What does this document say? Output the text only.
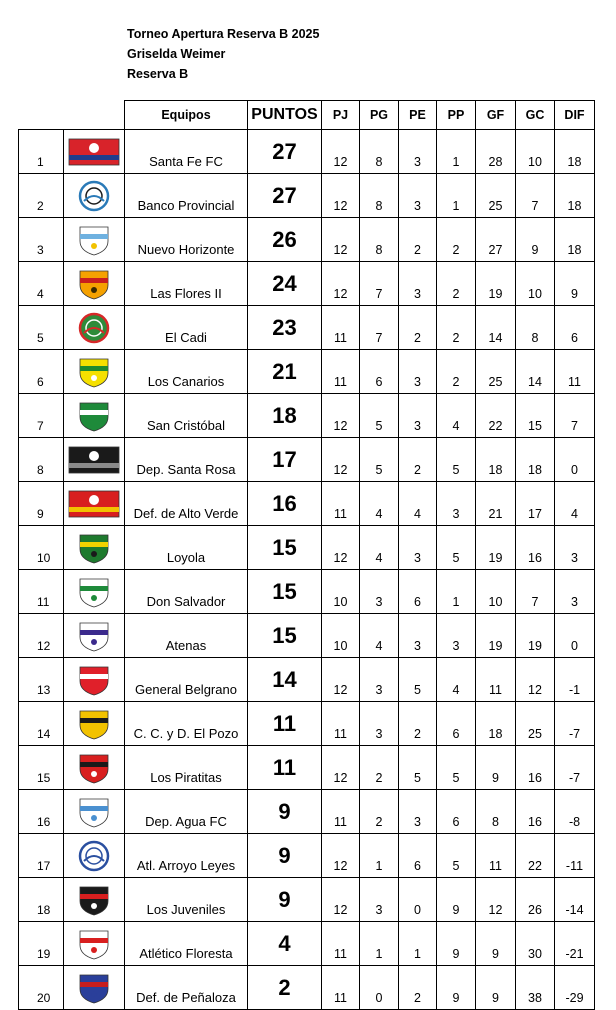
Torneo Apertura Reserva B 2025
Griselda Weimer
Reserva B
		Equipos	PUNTOS	PJ	PG	PE	PP	GF	GC	DIF
1		Santa Fe FC	27	12	8	3	1	28	10	18
2		Banco Provincial	27	12	8	3	1	25	7	18
3		Nuevo Horizonte	26	12	8	2	2	27	9	18
4		Las Flores II	24	12	7	3	2	19	10	9
5		El Cadi	23	11	7	2	2	14	8	6
6		Los Canarios	21	11	6	3	2	25	14	11
7		San Cristóbal	18	12	5	3	4	22	15	7
8		Dep. Santa Rosa	17	12	5	2	5	18	18	0
9		Def. de Alto Verde	16	11	4	4	3	21	17	4
10		Loyola	15	12	4	3	5	19	16	3
11		Don Salvador	15	10	3	6	1	10	7	3
12		Atenas	15	10	4	3	3	19	19	0
13		General Belgrano	14	12	3	5	4	11	12	-1
14		C. C. y D. El Pozo	11	11	3	2	6	18	25	-7
15		Los Piratitas	11	12	2	5	5	9	16	-7
16		Dep. Agua FC	9	11	2	3	6	8	16	-8
17		Atl. Arroyo Leyes	9	12	1	6	5	11	22	-11
18		Los Juveniles	9	12	3	0	9	12	26	-14
19		Atlético Floresta	4	11	1	1	9	9	30	-21
20		Def. de Peñaloza	2	11	0	2	9	9	38	-29
